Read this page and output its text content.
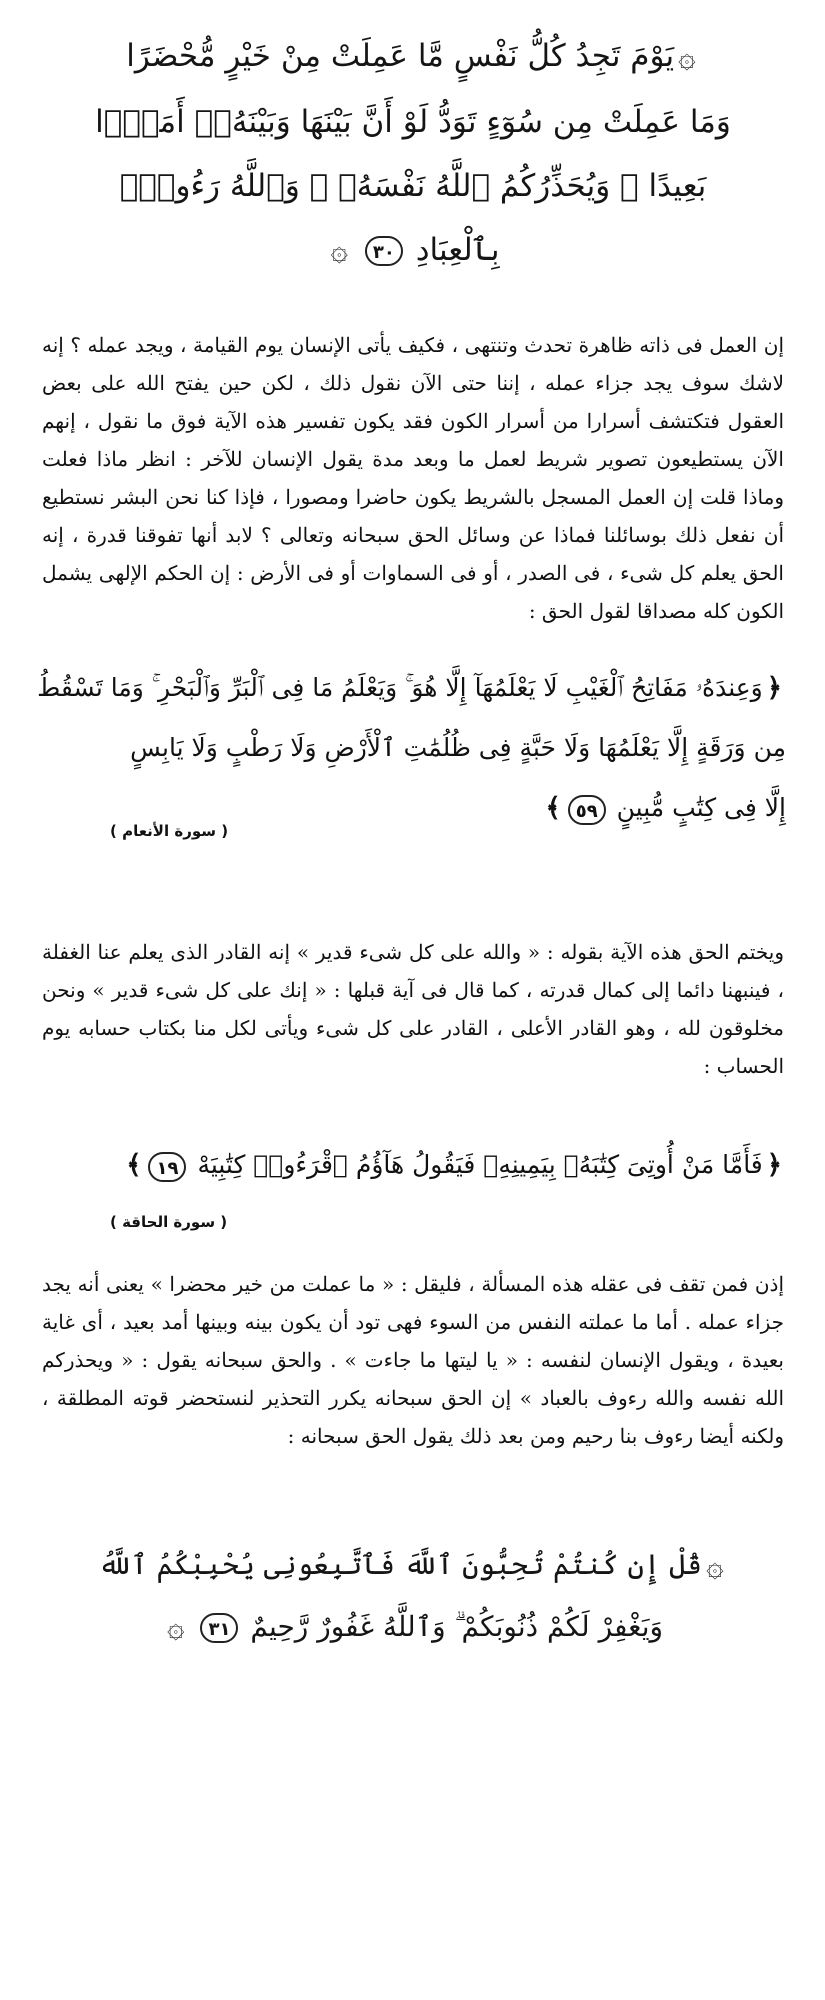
۞يَوْمَ تَجِدُ كُلُّ نَفْسٍ مَّا عَمِلَتْ مِنْ خَيْرٍ مُّحْضَرًا
وَمَا عَمِلَتْ مِن سُوٓءٍ تَوَدُّ لَوْ أَنَّ بَيْنَهَا وَبَيْنَهُۥٓ أَمَدًۢا
بَعِيدًا ۗ وَيُحَذِّرُكُمُ ٱللَّهُ نَفْسَهُۥ ۗ وَٱللَّهُ رَءُوفٌۢ
بِٱلْعِبَادِ ٣٠ ۞

إن العمل فى ذاته ظاهرة تحدث وتنتهى ، فكيف يأتى الإنسان يوم القيامة ، ويجد عمله ؟ إنه لاشك سوف يجد جزاء عمله ، إننا حتى الآن نقول ذلك ، لكن حين يفتح الله على بعض العقول فتكتشف أسرارا من أسرار الكون فقد يكون تفسير هذه الآية فوق ما نقول ، إنهم الآن يستطيعون تصوير شريط لعمل ما وبعد مدة يقول الإنسان للآخر : انظر ماذا فعلت وماذا قلت إن العمل المسجل بالشريط يكون حاضرا ومصورا ، فإذا كنا نحن البشر نستطيع أن نفعل ذلك بوسائلنا فماذا عن وسائل الحق سبحانه وتعالى ؟ لابد أنها تفوقنا قدرة ، إنه الحق يعلم كل شىء ، فى الصدر ، أو فى السماوات أو فى الأرض : إن الحكم الإلهى يشمل الكون كله مصداقا لقول الحق :

﴿وَعِندَهُۥ مَفَاتِحُ ٱلْغَيْبِ لَا يَعْلَمُهَآ إِلَّا هُوَ ۚ وَيَعْلَمُ مَا فِى ٱلْبَرِّ وَٱلْبَحْرِ ۚ وَمَا تَسْقُطُ
مِن وَرَقَةٍ إِلَّا يَعْلَمُهَا وَلَا حَبَّةٍ فِى ظُلُمَٰتِ ٱلْأَرْضِ وَلَا رَطْبٍ وَلَا يَابِسٍ
إِلَّا فِى كِتَٰبٍ مُّبِينٍ ٥٩﴾
( سورة الأنعام )

ويختم الحق هذه الآية بقوله : « والله على كل شىء قدير » إنه القادر الذى يعلم عنا الغفلة ، فينبهنا دائما إلى كمال قدرته ، كما قال فى آية قبلها : « إنك على كل شىء قدير » ونحن مخلوقون لله ، وهو القادر الأعلى ، القادر على كل شىء ويأتى لكل منا بكتاب حسابه يوم الحساب :

﴿فَأَمَّا مَنْ أُوتِىَ كِتَٰبَهُۥ بِيَمِينِهِۦ فَيَقُولُ هَآؤُمُ ٱقْرَءُوا۟ كِتَٰبِيَهْ ١٩﴾
( سورة الحاقة )

إذن فمن تقف فى عقله هذه المسألة ، فليقل : « ما عملت من خير محضرا » يعنى أنه يجد جزاء عمله . أما ما عملته النفس من السوء فهى تود أن يكون بينه وبينها أمد بعيد ، أى غاية بعيدة ، ويقول الإنسان لنفسه : « يا ليتها ما جاءت » . والحق سبحانه يقول : « ويحذركم الله نفسه والله رءوف بالعباد » إن الحق سبحانه يكرر التحذير لنستحضر قوته المطلقة ، ولكنه أيضا رءوف بنا رحيم ومن بعد ذلك يقول الحق سبحانه :

۞قُلْ إِن كُنتُمْ تُحِبُّونَ ٱللَّهَ فَٱتَّبِعُونِى يُحْبِبْكُمُ ٱللَّهُ
وَيَغْفِرْ لَكُمْ ذُنُوبَكُمْ ۗ وَٱللَّهُ غَفُورٌ رَّحِيمٌ ٣١ ۞
